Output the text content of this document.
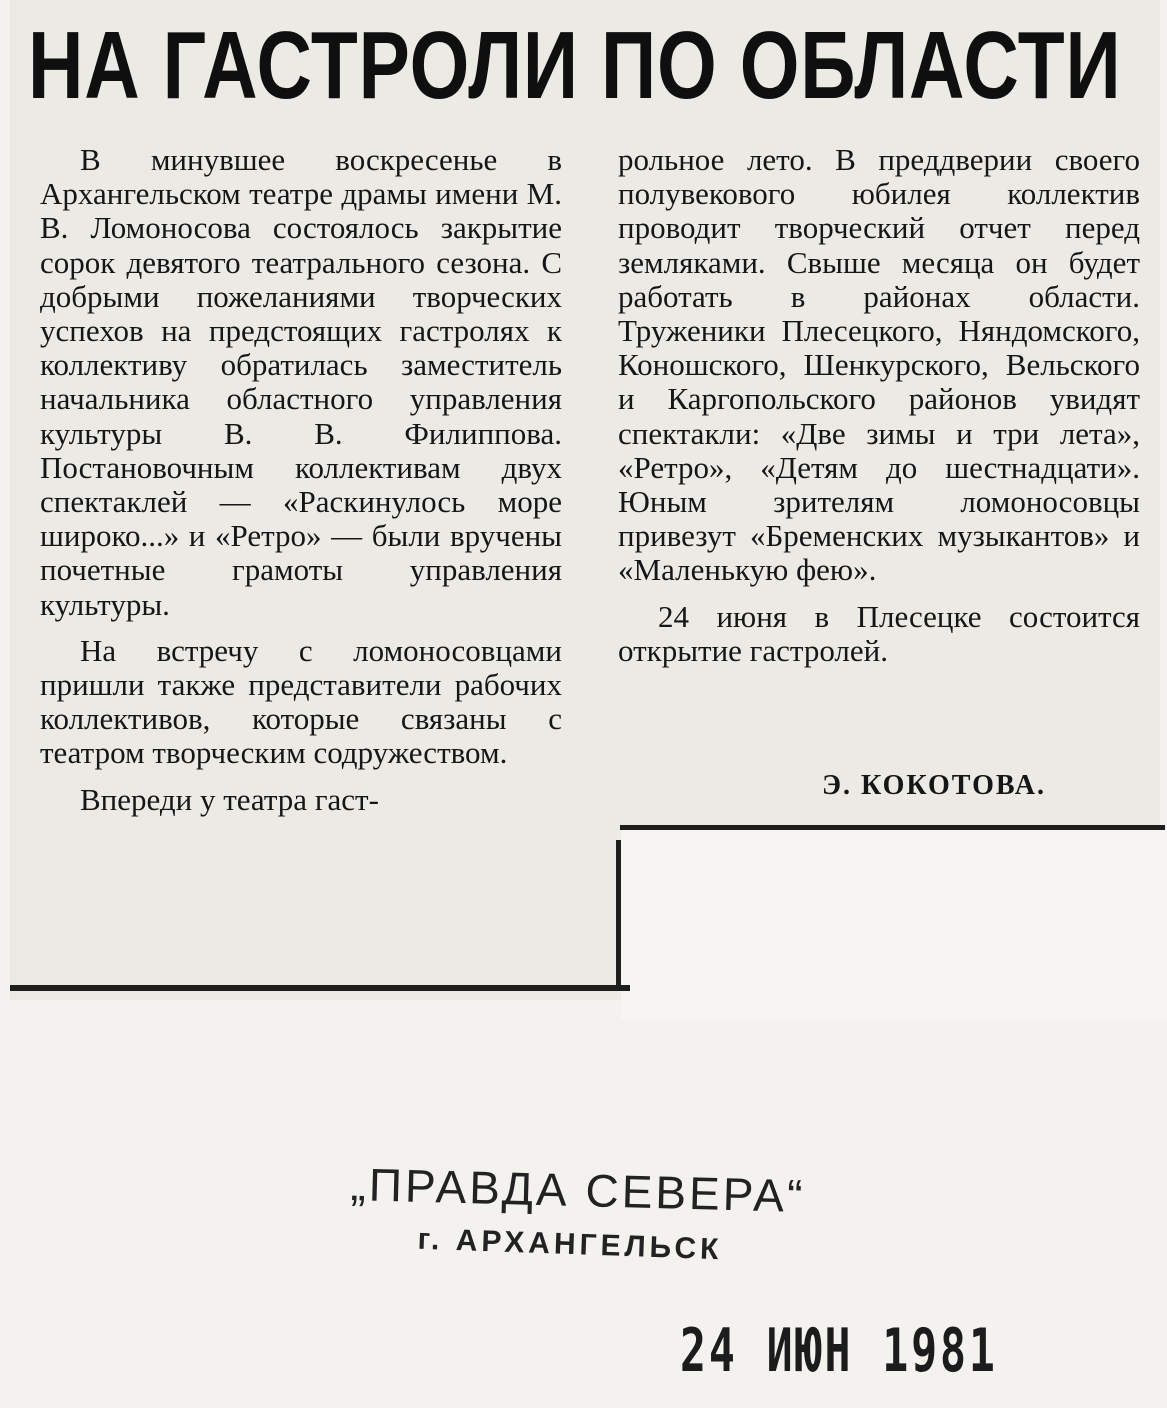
НА ГАСТРОЛИ ПО ОБЛАСТИ

В минувшее воскресенье в Архангельском театре драмы имени М. В. Ломоносова состоялось закрытие сорок девятого театрального сезона. С добрыми пожеланиями творческих успехов на предстоящих гастролях к коллективу обратилась заместитель начальника областного управления культуры В. В. Филиппова. Постановочным коллективам двух спектаклей — «Раскинулось море широко...» и «Ретро» — были вручены почетные грамоты управления культуры.

На встречу с ломоносовцами пришли также представители рабочих коллективов, которые связаны с театром творческим содружеством.

Впереди у театра гаст-

рольное лето. В преддверии своего полувекового юбилея коллектив проводит творческий отчет перед земляками. Свыше месяца он будет работать в районах области. Труженики Плесецкого, Няндомского, Коношского, Шенкурского, Вельского и Каргопольского районов увидят спектакли: «Две зимы и три лета», «Ретро», «Детям до шестнадцати». Юным зрителям ломоносовцы привезут «Бременских музыкантов» и «Маленькую фею».

24 июня в Плесецке состоится открытие гастролей.

Э. КОКОТОВА.
„ПРАВДА СЕВЕРА“
г. АРХАНГЕЛЬСК
24 ИЮН 1981
